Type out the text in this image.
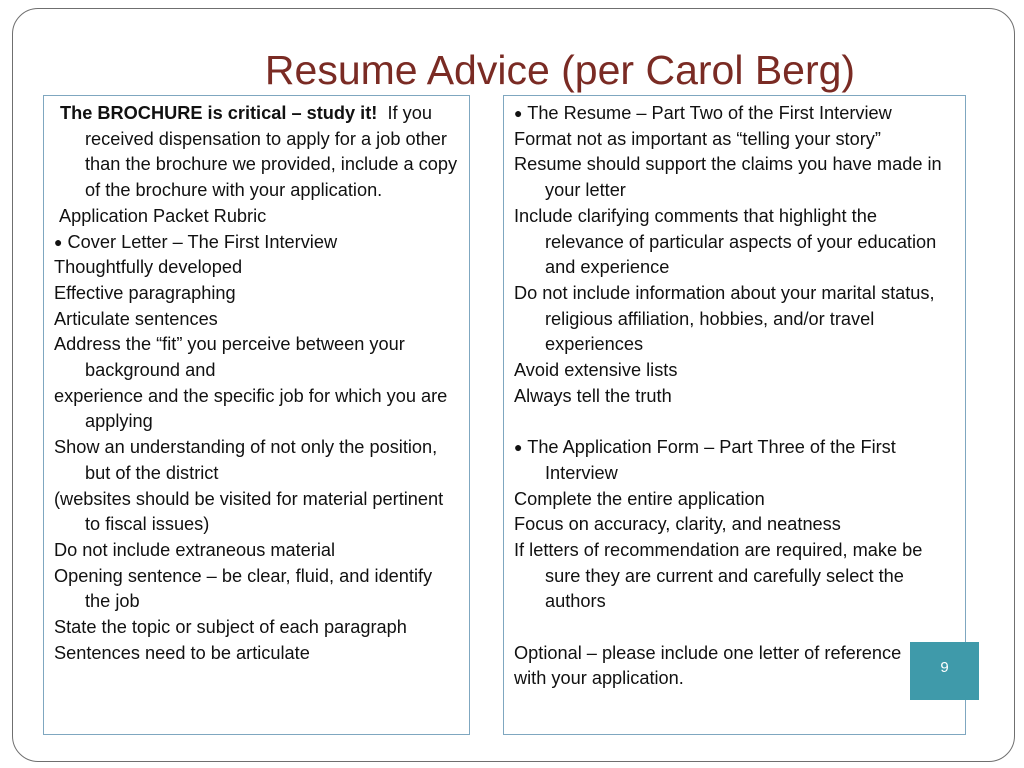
Resume Advice (per Carol Berg)

The BROCHURE is critical – study it! If you received dispensation to apply for a job other than the brochure we provided, include a copy of the brochure with your application.

Application Packet Rubric

● Cover Letter – The First Interview

Thoughtfully developed

Effective paragraphing

Articulate sentences

Address the “fit” you perceive between your background and

experience and the specific job for which you are applying

Show an understanding of not only the position, but of the district

(websites should be visited for material pertinent to fiscal issues)

Do not include extraneous material

Opening sentence – be clear, fluid, and identify the job

State the topic or subject of each paragraph

Sentences need to be articulate

● The Resume – Part Two of the First Interview

Format not as important as “telling your story”

Resume should support the claims you have made in your letter

Include clarifying comments that highlight the relevance of particular aspects of your education and experience

Do not include information about your marital status, religious affiliation, hobbies, and/or travel experiences

Avoid extensive lists

Always tell the truth

● The Application Form – Part Three of the First Interview

Complete the entire application

Focus on accuracy, clarity, and neatness

If letters of recommendation are required, make be sure they are current and carefully select the authors

Optional – please include one letter of reference

with your application.

9
